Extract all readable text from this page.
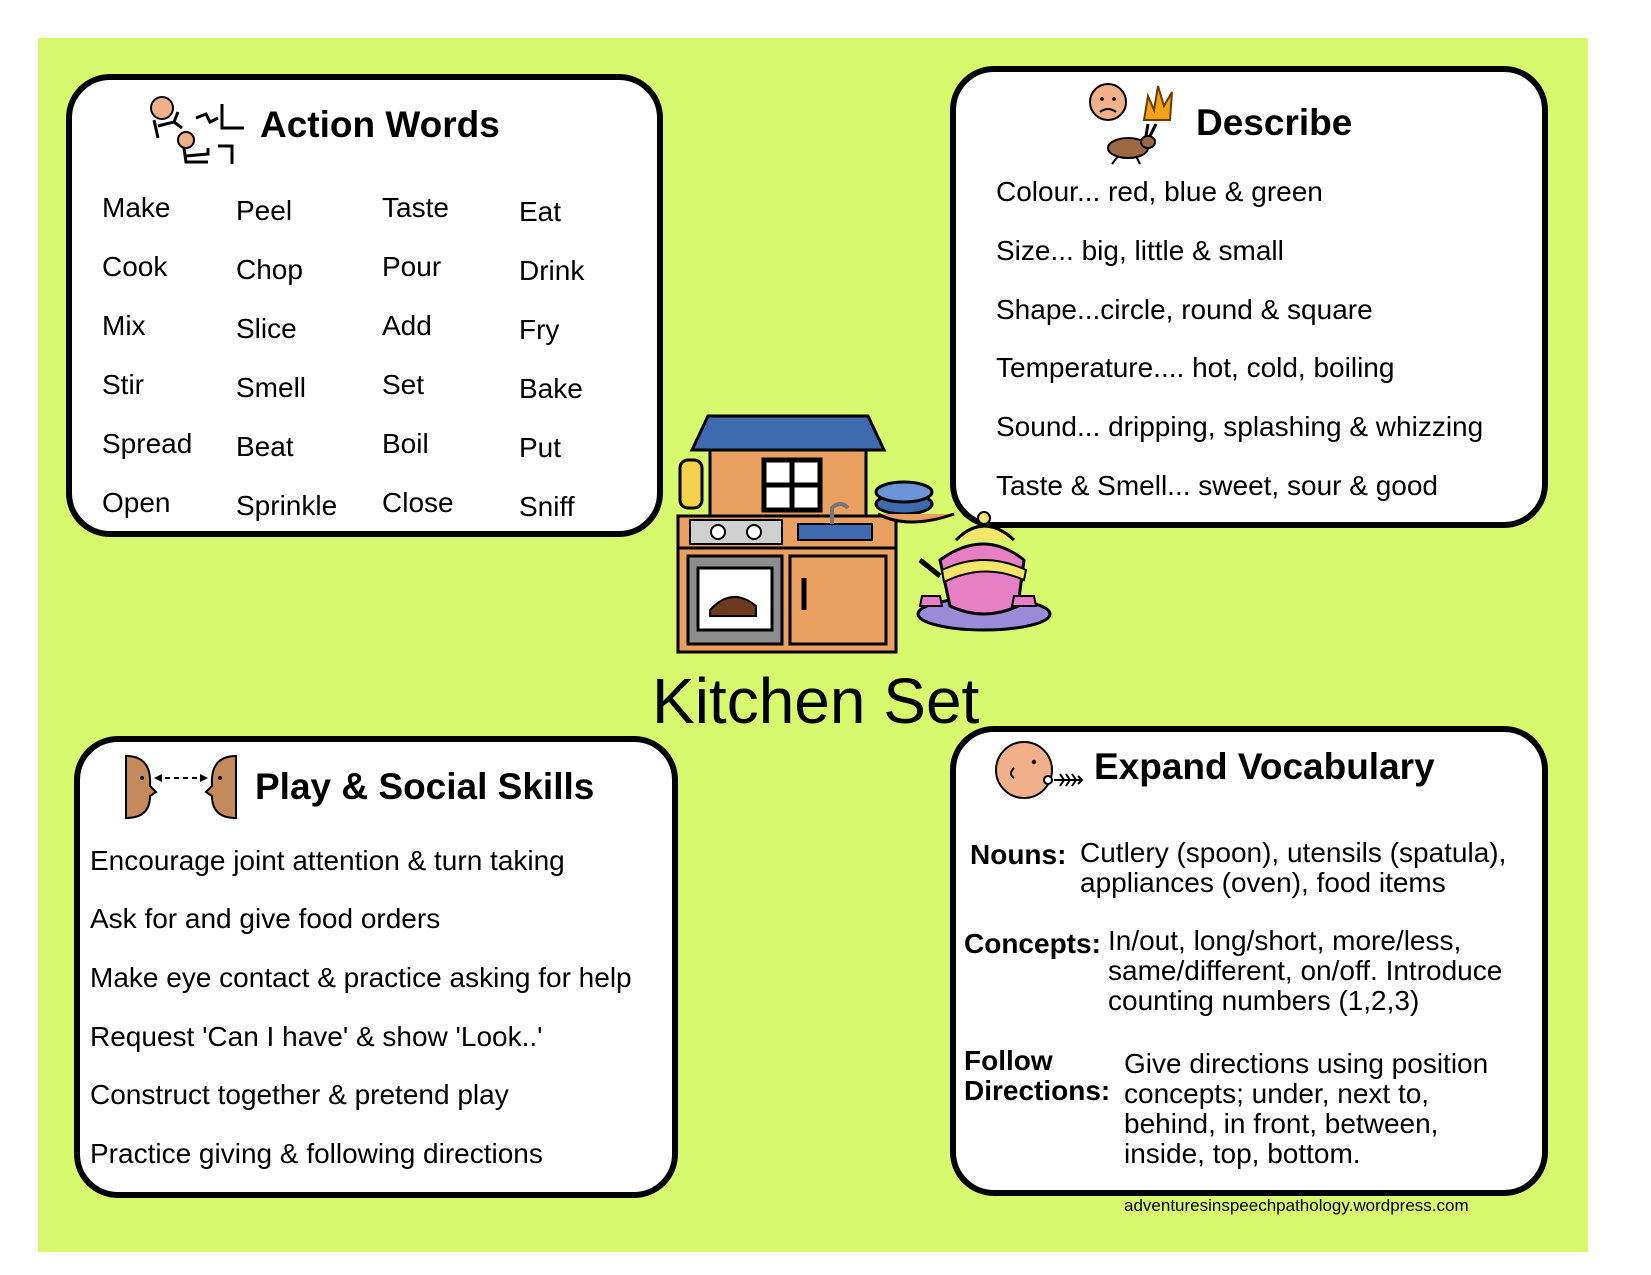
Action Words
Make
Cook
Mix
Stir
Spread
Open
Peel
Chop
Slice
Smell
Beat
Sprinkle
Taste
Pour
Add
Set
Boil
Close
Eat
Drink
Fry
Bake
Put
Sniff
Describe
Colour... red, blue & green
Size... big, little & small
Shape...circle, round & square
Temperature.... hot, cold, boiling
Sound... dripping, splashing & whizzing
Taste & Smell... sweet, sour & good
Kitchen Set
Play & Social Skills
Encourage joint attention & turn taking
Ask for and give food orders
Make eye contact & practice asking for help
Request 'Can I have' & show 'Look..'
Construct together & pretend play
Practice giving & following directions
Expand Vocabulary
Nouns: Cutlery (spoon), utensils (spatula),
appliances (oven), food items
Concepts: In/out, long/short, more/less,
same/different, on/off. Introduce
counting numbers (1,2,3)
Follow
Directions:
Give directions using position
concepts; under, next to,
behind, in front, between,
inside, top, bottom.
adventuresinspeechpathology.wordpress.com
